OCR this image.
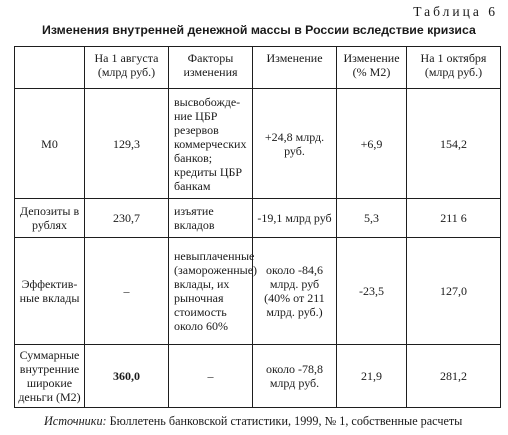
Таблица 6
Изменения внутренней денежной массы в России вследствие кризиса
	На 1 августа (млрд руб.)	Факторы изменения	Изменение	Изменение (% М2)	На 1 октября (млрд руб.)
М0	129,3	высвобожде-ние ЦБР резервов коммерческих банков; кредиты ЦБР банкам	+24,8 млрд. руб.	+6,9	154,2
Депозиты в рублях	230,7	изъятие вкладов	-19,1 млрд руб	5,3	211 6
Эффектив-ные вклады	–	невыплаченные (замороженные) вклады, их рыночная стоимость около 60%	около -84,6 млрд. руб (40% от 211 млрд. руб.)	-23,5	127,0
Суммарные внутренние широкие деньги (М2)	360,0	–	около -78,8 млрд руб.	21,9	281,2
Источники: Бюллетень банковской статистики, 1999, № 1, собственные расчеты
